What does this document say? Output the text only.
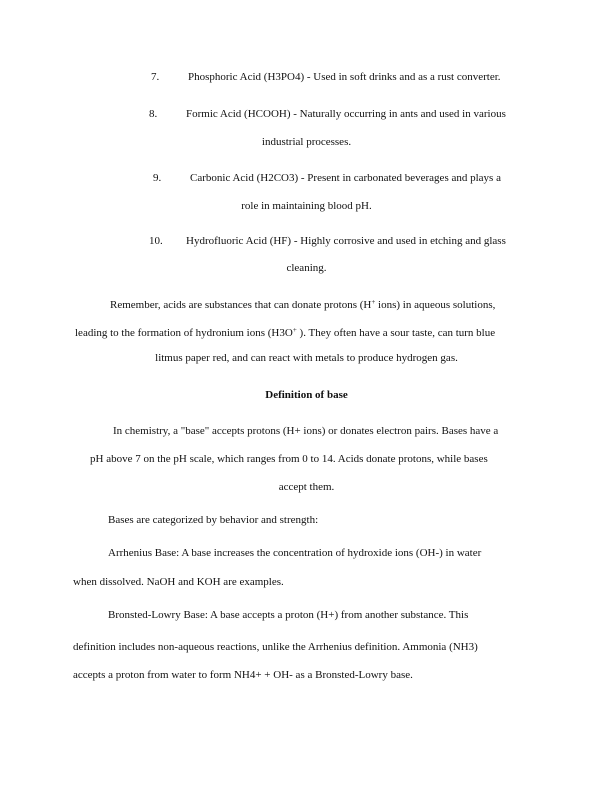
7.	Phosphoric Acid (H3PO4) - Used in soft drinks and as a rust converter.
8.	Formic Acid (HCOOH) - Naturally occurring in ants and used in various
industrial processes.
9.	Carbonic Acid (H2CO3) - Present in carbonated beverages and plays a
role in maintaining blood pH.
10. Hydrofluoric Acid (HF) - Highly corrosive and used in etching and glass
cleaning.
Remember, acids are substances that can donate protons (H+ ions) in aqueous solutions,
leading to the formation of hydronium ions (H3O+ ). They often have a sour taste, can turn blue
litmus paper red, and can react with metals to produce hydrogen gas.
Definition of base
In chemistry, a "base" accepts protons (H+ ions) or donates electron pairs. Bases have a
pH above 7 on the pH scale, which ranges from 0 to 14. Acids donate protons, while bases
accept them.
Bases are categorized by behavior and strength:
Arrhenius Base: A base increases the concentration of hydroxide ions (OH-) in water
when dissolved. NaOH and KOH are examples.
Bronsted-Lowry Base: A base accepts a proton (H+) from another substance. This
definition includes non-aqueous reactions, unlike the Arrhenius definition. Ammonia (NH3)
accepts a proton from water to form NH4+ + OH- as a Bronsted-Lowry base.
